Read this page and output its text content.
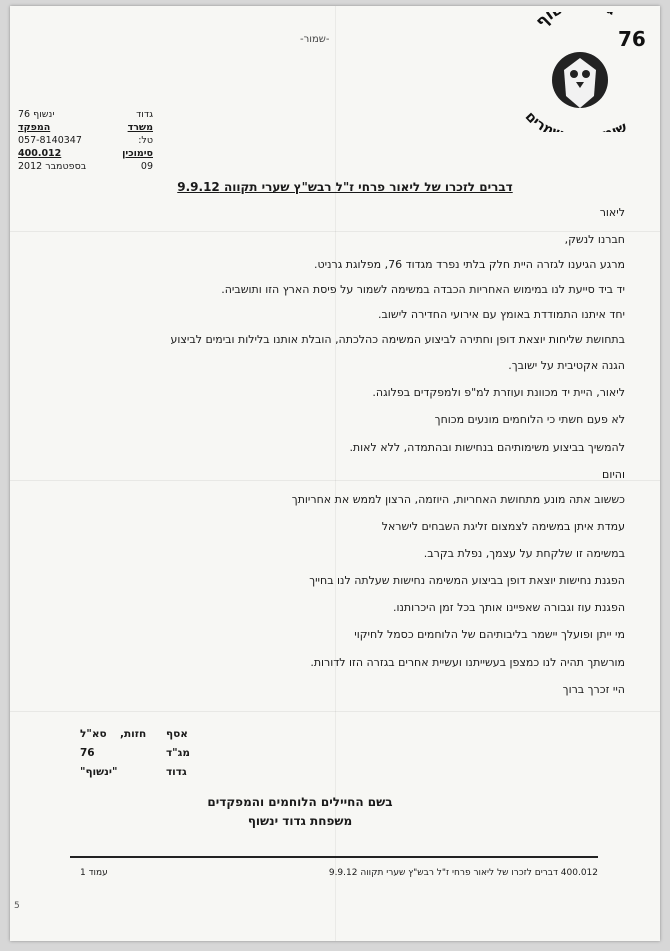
-שמור-
וף
76
שו מרים
גדוד
ינשוף 76
משרד
המפקד
טל:
057-8140347
סימוכין
400.012
09
בספטמבר 2012
דברים לזכרו של ליאור פרחי ז"ל רבש"ץ שערי תקווה 9.9.12
ליאור
חברנו לנשק,
מרגע הגיענו לגזרה היית חלק בלתי נפרד מגדוד 76, מפלוגת גרניט.
יד ביד סייעת לנו במימוש האחריות הכבדה במשימה לשמור על פיסת הארץ הזו ותושביה.
יחד איתנו התמודדת באומץ עם אירועי החדירה לישוב.
בתחושת שליחות יוצאת דופן וחתירה לביצוע המשימה כהלכתה, הובלת אותנו בלילות ובימים לביצוע
הגנה אקטיבית על ישובך.
ליאור, היית יד מכוונת ועוזרת למ"פ ולמפקדים בפלוגה.
לא פעם חשתי כי הלוחמים מונעים מכוחך
להמשיך בביצוע משימותיהם בנחישות ובהתמדה, ללא לאות.
והיום
כששוב אתה מונע מתחושת האחריות, היוזמה, הרצון לממש את אחריותך
עמדת איתן במשימה לצמצום זליגת השבחים לישראל
במשימה זו שלקחת על עצמך, נפלת בקרב.
הפגנת נחישות יוצאת דופן בביצוע המשימה נחישות שעלתה לנו בחייך
הפגנת עוז וגבורה שאפיינו אותך בכל זמן היכרותנו.
מי ייתן ופועלך יישמר בליבותיהם של הלוחמים כסמל לחיקוי
מורשתך תהיה לנו כמצפן בעשייתנו ועשיית אחרים בגזרה הזו לדורות.
היי זכרך ברוך
אסף
חזות,
סא"ל
מג"ד
76
גדוד
"ינשוף"
בשם החיילים הלוחמים והמפקדים
משפחת גדוד ינשוף
400.012 דברים לזכרו של ליאור פרחי ז"ל רבש"ץ שערי תקווה 9.9.12
עמוד 1
5
